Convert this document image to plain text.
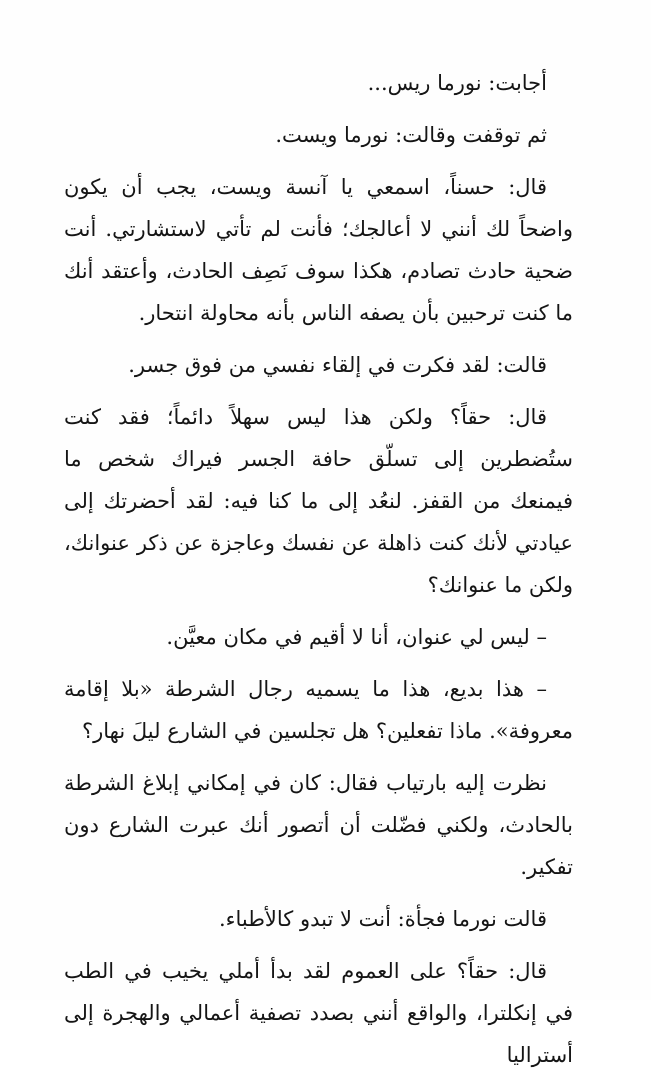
أجابت: نورما ريس...

ثم توقفت وقالت: نورما ويست.

قال: حسناً، اسمعي يا آنسة ويست، يجب أن يكون واضحاً لك أنني لا أعالجك؛ فأنت لم تأتي لاستشارتي. أنت ضحية حادث تصادم، هكذا سوف نَصِف الحادث، وأعتقد أنك ما كنت ترحبين بأن يصفه الناس بأنه محاولة انتحار.

قالت: لقد فكرت في إلقاء نفسي من فوق جسر.

قال: حقاً؟ ولكن هذا ليس سهلاً دائماً؛ فقد كنت ستُضطرين إلى تسلّق حافة الجسر فيراك شخص ما فيمنعك من القفز. لنعُد إلى ما كنا فيه: لقد أحضرتك إلى عيادتي لأنك كنت ذاهلة عن نفسك وعاجزة عن ذكر عنوانك، ولكن ما عنوانك؟

– ليس لي عنوان، أنا لا أقيم في مكان معيَّن.

– هذا بديع، هذا ما يسميه رجال الشرطة «بلا إقامة معروفة». ماذا تفعلين؟ هل تجلسين في الشارع ليلَ نهار؟

نظرت إليه بارتياب فقال: كان في إمكاني إبلاغ الشرطة بالحادث، ولكني فضّلت أن أتصور أنك عبرت الشارع دون تفكير.

قالت نورما فجأة: أنت لا تبدو كالأطباء.

قال: حقاً؟ على العموم لقد بدأ أملي يخيب في الطب في إنكلترا، والواقع أنني بصدد تصفية أعمالي والهجرة إلى أستراليا
